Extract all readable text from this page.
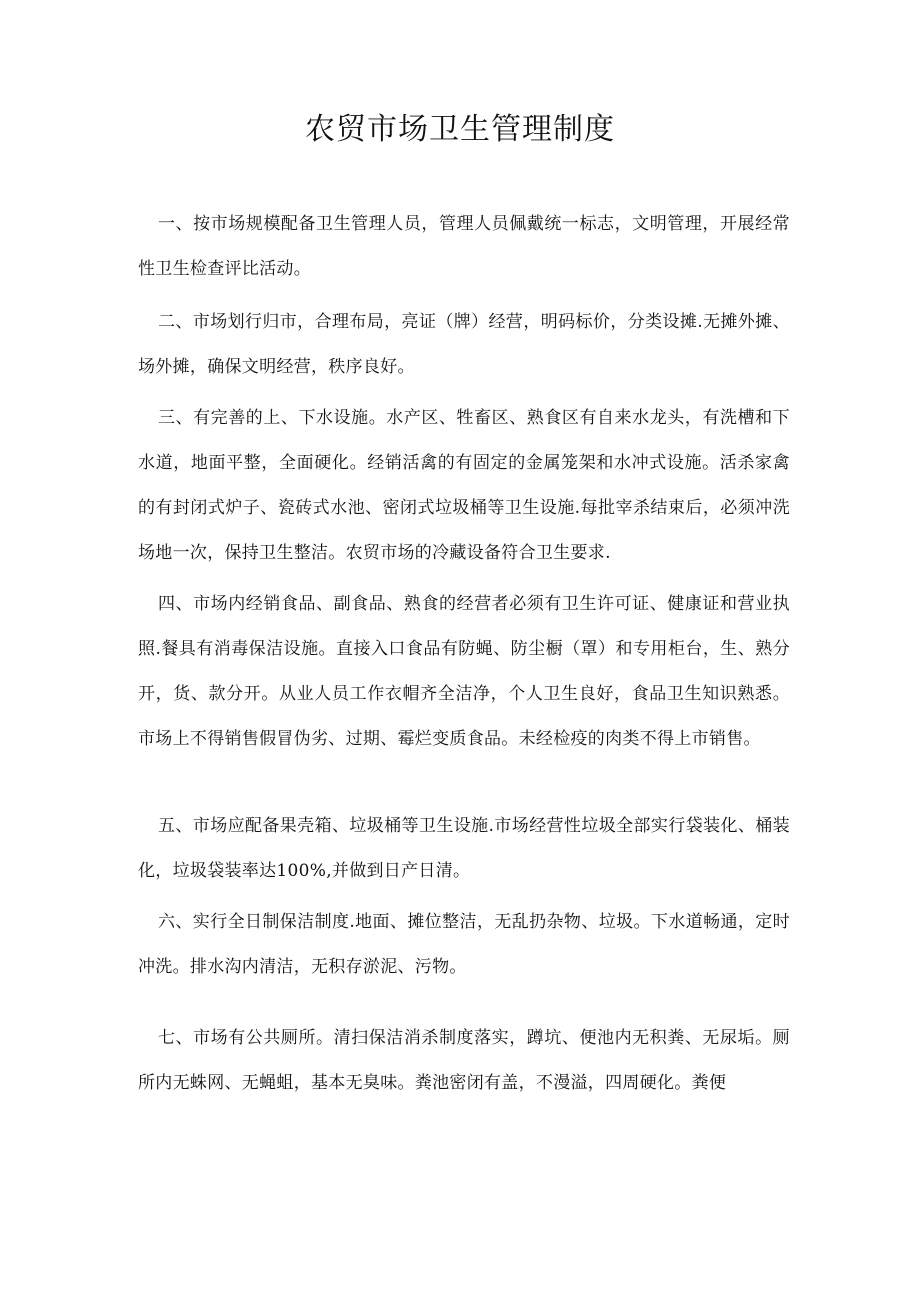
农贸市场卫生管理制度

一、按市场规模配备卫生管理人员，管理人员佩戴统一标志，文明管理，开展经常性卫生检查评比活动。

二、市场划行归市，合理布局，亮证（牌）经营，明码标价，分类设摊.无摊外摊、场外摊，确保文明经营，秩序良好。

三、有完善的上、下水设施。水产区、牲畜区、熟食区有自来水龙头，有洗槽和下水道，地面平整，全面硬化。经销活禽的有固定的金属笼架和水冲式设施。活杀家禽的有封闭式炉子、瓷砖式水池、密闭式垃圾桶等卫生设施.每批宰杀结束后，必须冲洗场地一次，保持卫生整洁。农贸市场的冷藏设备符合卫生要求.

四、市场内经销食品、副食品、熟食的经营者必须有卫生许可证、健康证和营业执照.餐具有消毒保洁设施。直接入口食品有防蝇、防尘橱（罩）和专用柜台，生、熟分开，货、款分开。从业人员工作衣帽齐全洁净，个人卫生良好，食品卫生知识熟悉。市场上不得销售假冒伪劣、过期、霉烂变质食品。未经检疫的肉类不得上市销售。

五、市场应配备果壳箱、垃圾桶等卫生设施.市场经营性垃圾全部实行袋装化、桶装化，垃圾袋装率达100%,并做到日产日清。

六、实行全日制保洁制度.地面、摊位整洁，无乱扔杂物、垃圾。下水道畅通，定时冲洗。排水沟内清洁，无积存淤泥、污物。

七、市场有公共厕所。清扫保洁消杀制度落实，蹲坑、便池内无积粪、无尿垢。厕所内无蛛网、无蝇蛆，基本无臭味。粪池密闭有盖，不漫溢，四周硬化。粪便
